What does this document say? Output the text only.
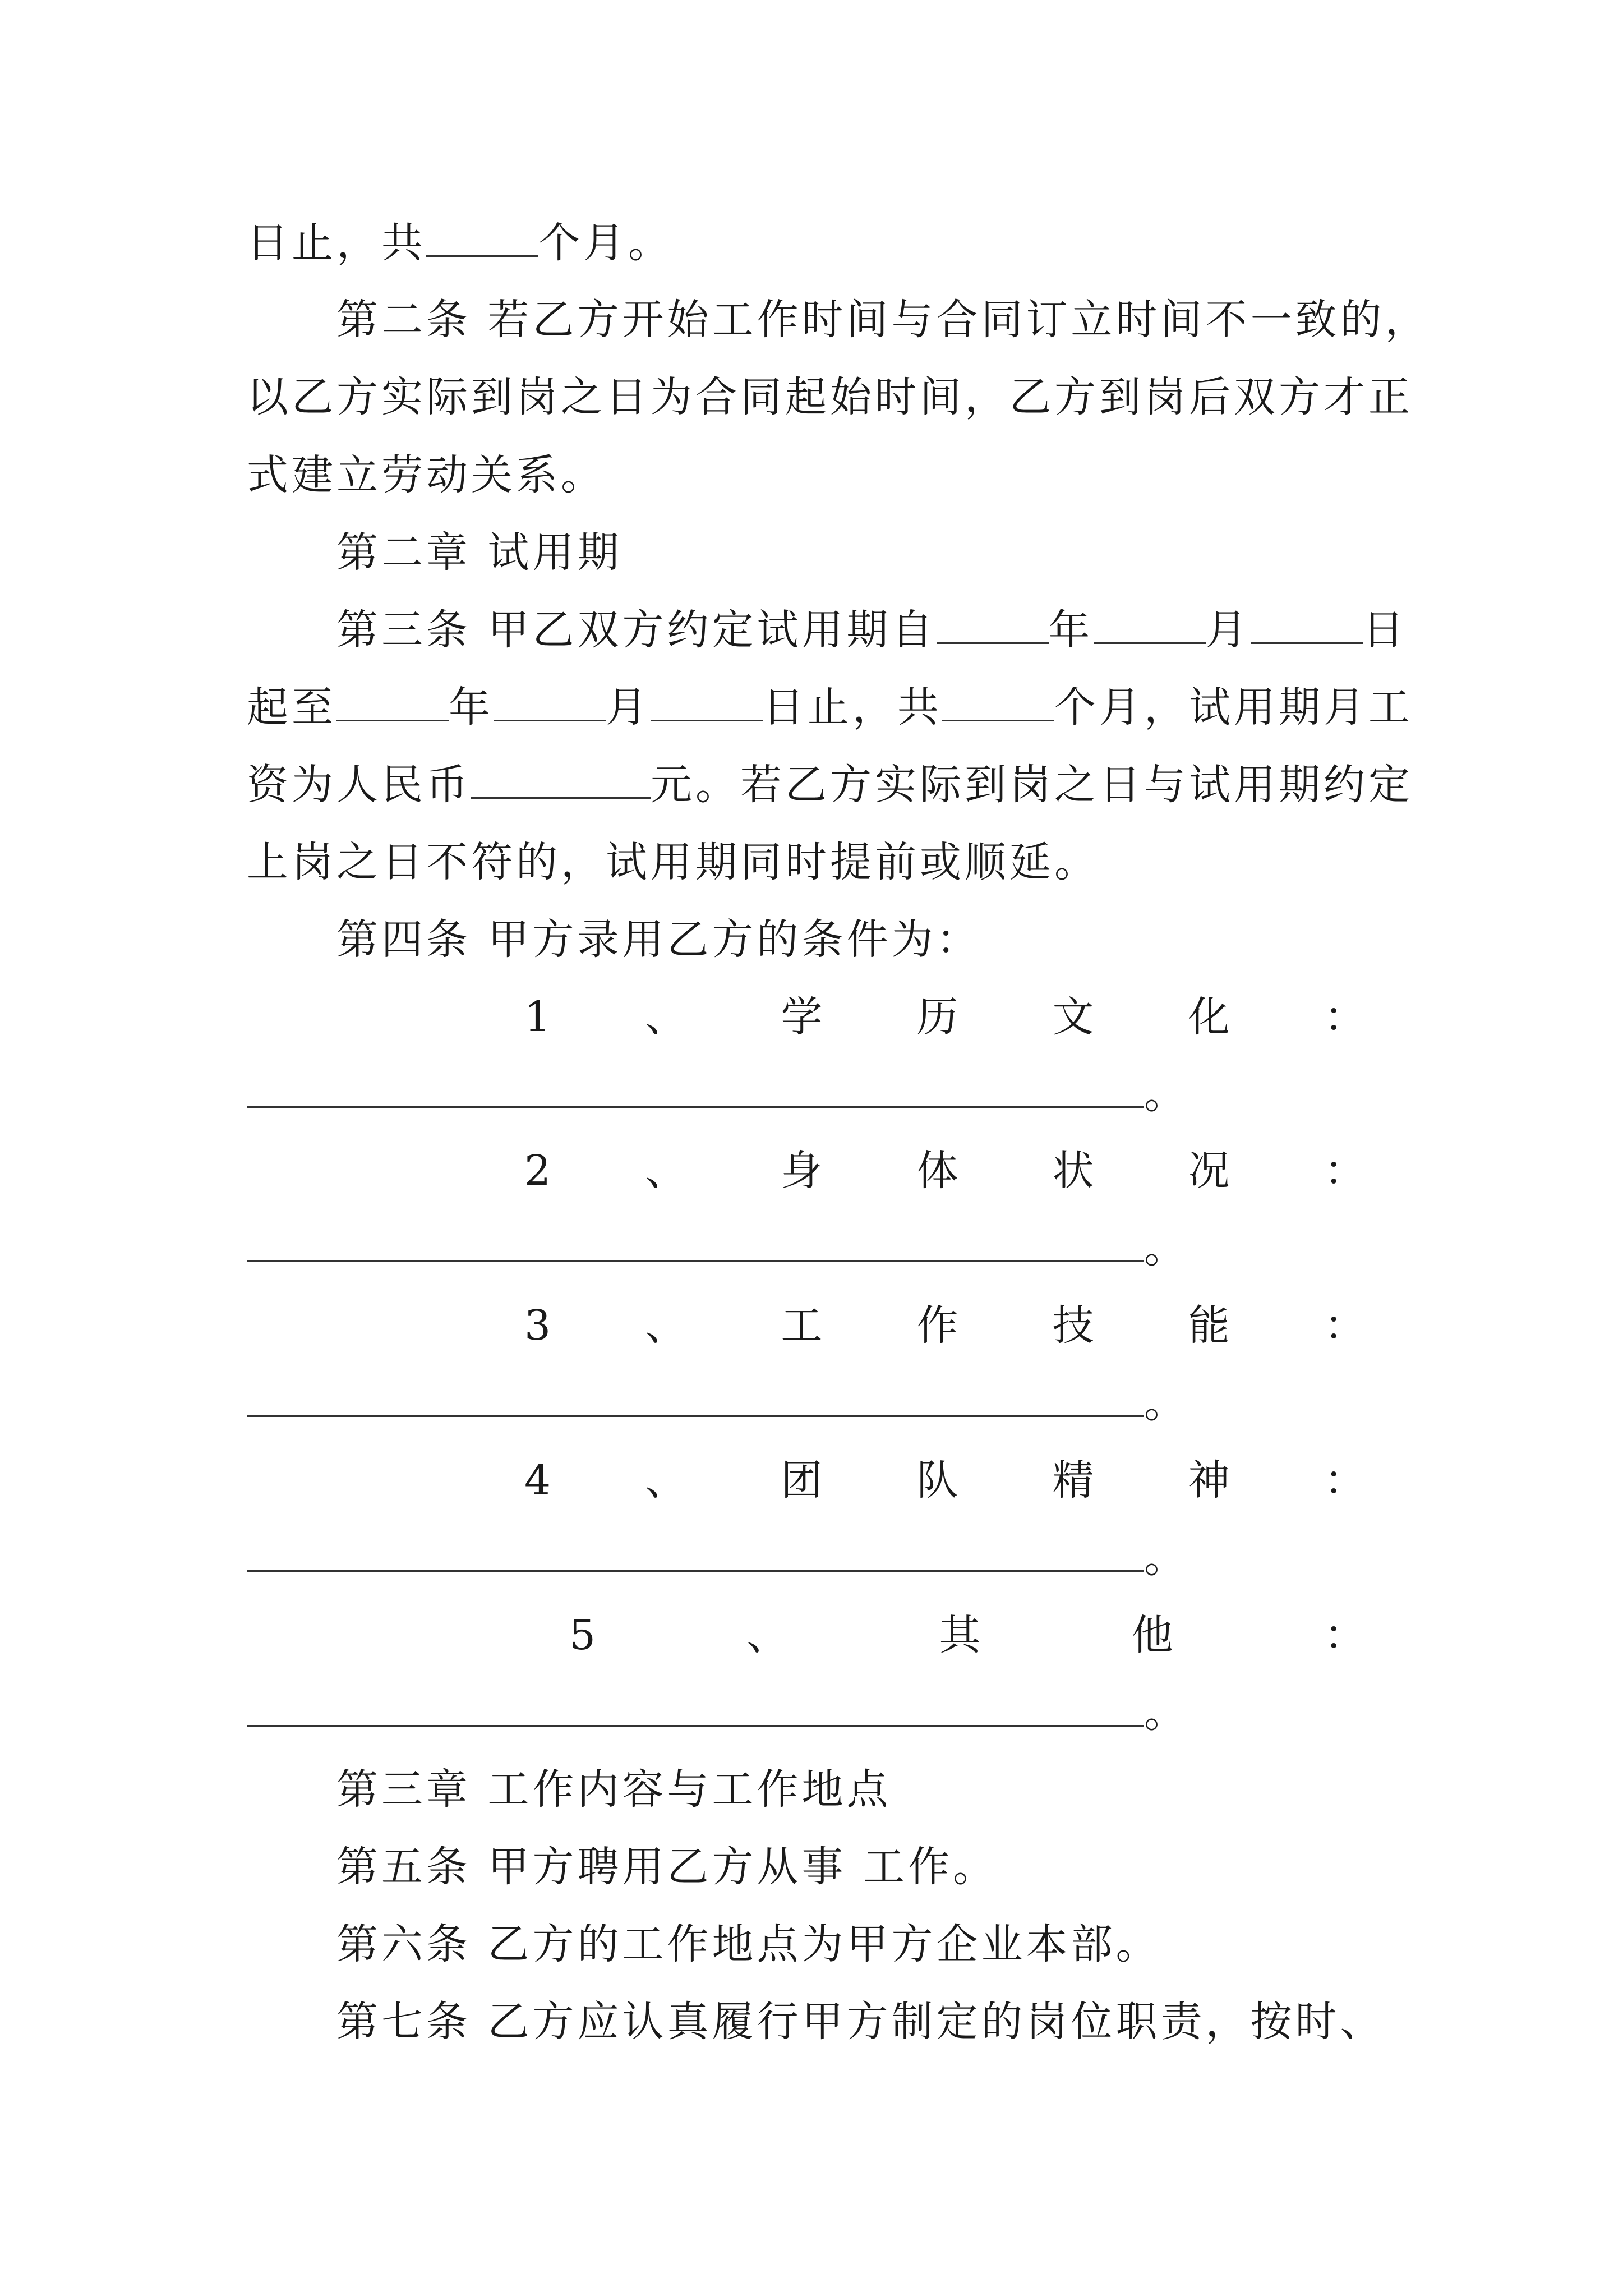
日止，共	个月。
第二条 若乙方开始工作时间与合同订立时间不一致的，
以乙方实际到岗之日为合同起始时间，乙方到岗后双方才正
式建立劳动关系。
第二章 试用期
第三条 甲乙双方约定试用期自	年	月	日
起至	年	月	日止，共	个月，试用期月工
资为人民币	元。若乙方实际到岗之日与试用期约定
上岗之日不符的，试用期同时提前或顺延。
第四条 甲方录用乙方的条件为：
1 、 学 历 文 化 ：
。
2 、 身 体 状 况 ：
。
3 、 工 作 技 能 ：
。
4 、 团 队 精 神 ：
。
5	、	其	他	：
。
第三章 工作内容与工作地点
第五条 甲方聘用乙方从事 工作。
第六条 乙方的工作地点为甲方企业本部。
第七条 乙方应认真履行甲方制定的岗位职责，按时、
